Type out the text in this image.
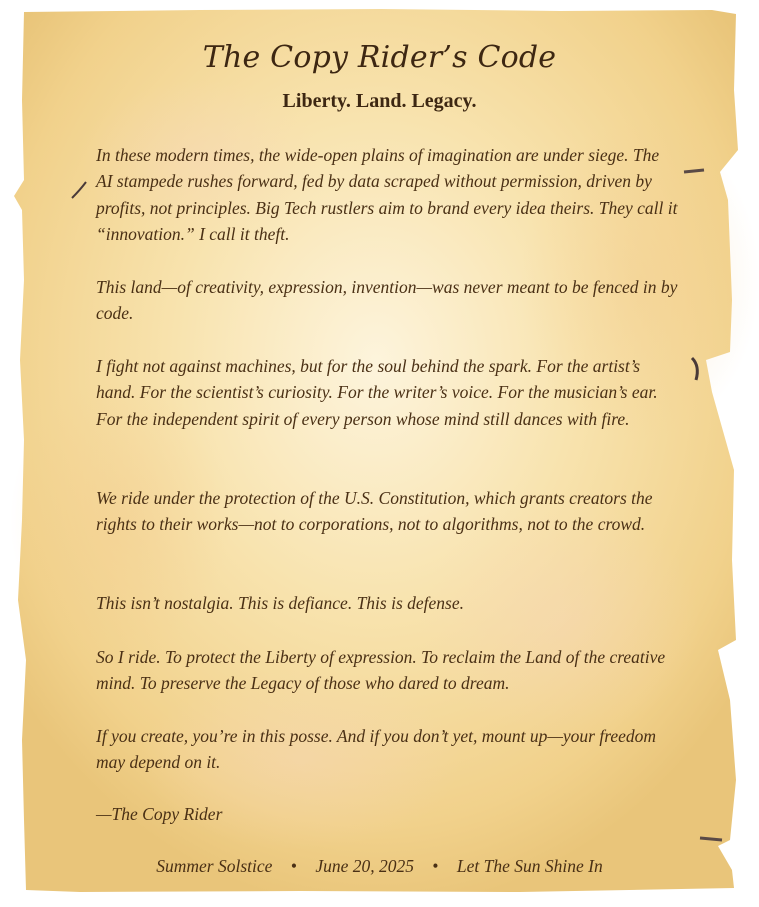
The Copy Rider’s Code
Liberty. Land. Legacy.

In these modern times, the wide-open plains of imagination are under siege. The AI stampede rushes forward, fed by data scraped without permission, driven by profits, not principles. Big Tech rustlers aim to brand every idea theirs. They call it “innovation.” I call it theft.

This land—of creativity, expression, invention—was never meant to be fenced in by code.

I fight not against machines, but for the soul behind the spark. For the artist’s hand. For the scientist’s curiosity. For the writer’s voice. For the musician’s ear. For the independent spirit of every person whose mind still dances with fire.

We ride under the protection of the U.S. Constitution, which grants creators the rights to their works—not to corporations, not to algorithms, not to the crowd.

This isn’t nostalgia. This is defiance. This is defense.

So I ride. To protect the Liberty of expression. To reclaim the Land of the creative mind. To preserve the Legacy of those who dared to dream.

If you create, you’re in this posse. And if you don’t yet, mount up—your freedom may depend on it.

—The Copy Rider

Summer Solstice • June 20, 2025 • Let The Sun Shine In
